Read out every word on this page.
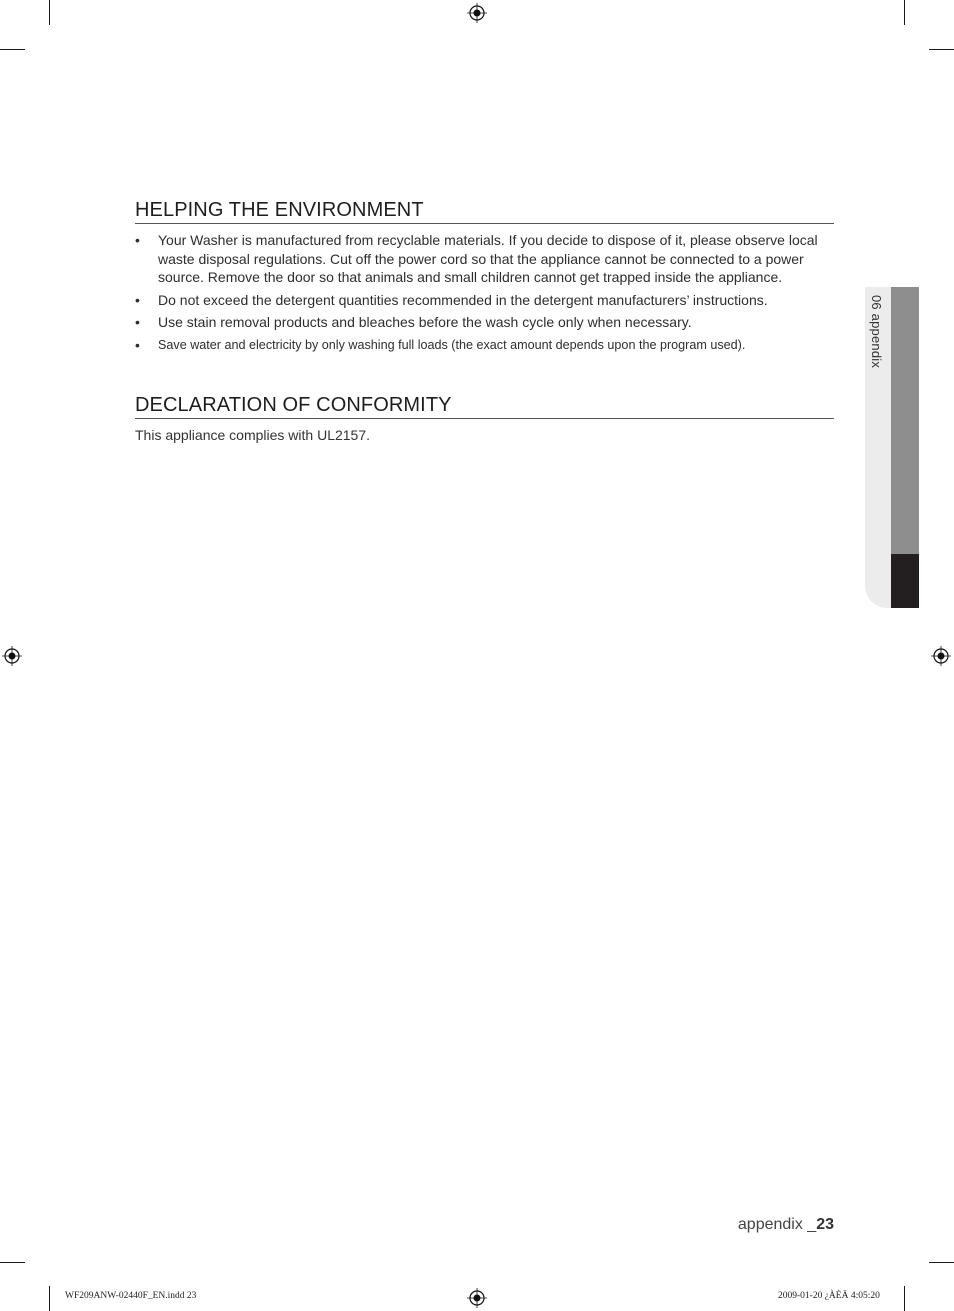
HELPING THE ENVIRONMENT
• Your Washer is manufactured from recyclable materials. If you decide to dispose of it, please observe local waste disposal regulations. Cut off the power cord so that the appliance cannot be connected to a power source. Remove the door so that animals and small children cannot get trapped inside the appliance.
• Do not exceed the detergent quantities recommended in the detergent manufacturers’ instructions.
• Use stain removal products and bleaches before the wash cycle only when necessary.
• Save water and electricity by only washing full loads (the exact amount depends upon the program used).
DECLARATION OF CONFORMITY
This appliance complies with UL2157.
06 appendix
appendix _23
WF209ANW-02440F_EN.indd 23	2009-01-20 ¿ÀÈÄ 4:05:20
